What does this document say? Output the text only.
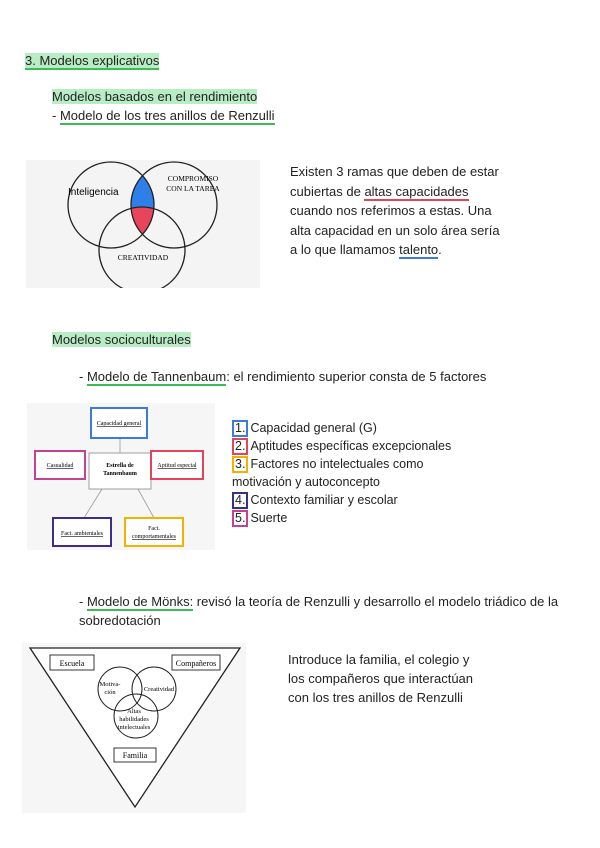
3. Modelos explicativos
Modelos basados en el rendimiento
- Modelo de los tres anillos de Renzulli
Inteligencia
COMPROMISO
CON LA TAREA
CREATIVIDAD
Existen 3 ramas que deben de estar
cubiertas de altas capacidades
cuando nos referimos a estas. Una
alta capacidad en un solo área sería
a lo que llamamos talento.
Modelos socioculturales
- Modelo de Tannenbaum: el rendimiento superior consta de 5 factores
Estrella de
Tannenbaum
Capacidad general
Casualidad	Aptitud especial
Fact. ambientales
Fact.
comportamentales
1. Capacidad general (G)
2. Aptitudes específicas excepcionales
3. Factores no intelectuales como
motivación y autoconcepto
4. Contexto familiar y escolar
5. Suerte
- Modelo de Mönks: revisó la teoría de Renzulli y desarrollo el modelo triádico de la
sobredotación
Escuela	Compañeros
Motiva-
ción	Creatividad
Altas
habilidades
intelectuales
Familia
Introduce la familia, el colegio y
los compañeros que interactúan
con los tres anillos de Renzulli
